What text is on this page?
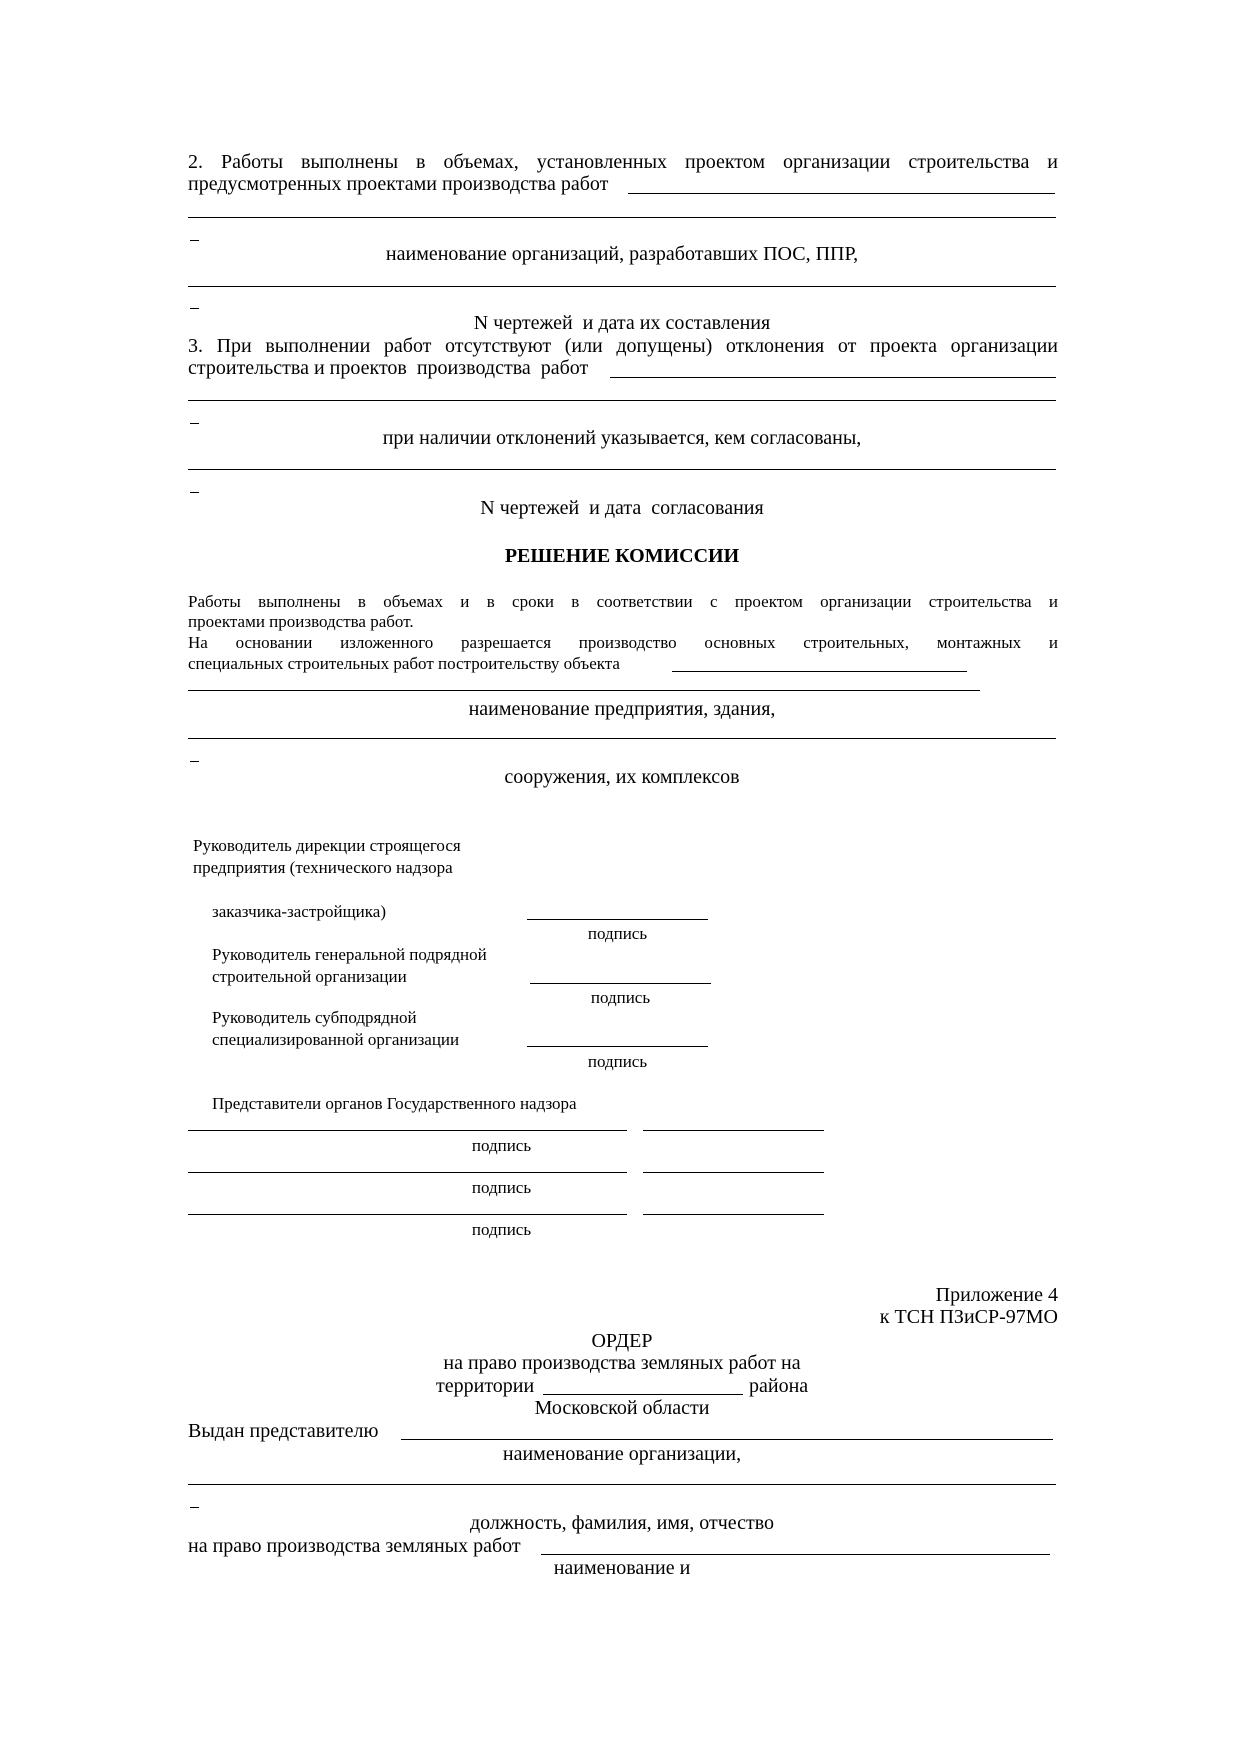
2. Работы выполнены в объемах, установленных проектом организации строительства и
предусмотренных проектами производства работ
наименование организаций, разработавших ПОС, ППР,
N чертежей  и дата их составления
3. При выполнении работ отсутствуют (или допущены) отклонения от проекта организации
строительства и проектов  производства  работ
при наличии отклонений указывается, кем согласованы,
N чертежей  и дата  согласования
РЕШЕНИЕ КОМИССИИ
Работы выполнены в объемах и в сроки в соответствии с проектом организации строительства и
проектами производства работ.
На основании изложенного разрешается производство основных строительных, монтажных и
специальных строительных работ построительству объекта
наименование предприятия, здания,
сооружения, их комплексов
Руководитель дирекции строящегося
предприятия (технического надзора
заказчика-застройщика)
подпись
Руководитель генеральной подрядной
строительной организации
подпись
Руководитель субподрядной
специализированной организации
подпись
Представители органов Государственного надзора
подпись
подпись
подпись
Приложение 4
к ТСН ПЗиСР-97МО
ОРДЕР
на право производства земляных работ на
территории	района
Московской области
Выдан представителю
наименование организации,
должность, фамилия, имя, отчество
на право производства земляных работ
наименование и
